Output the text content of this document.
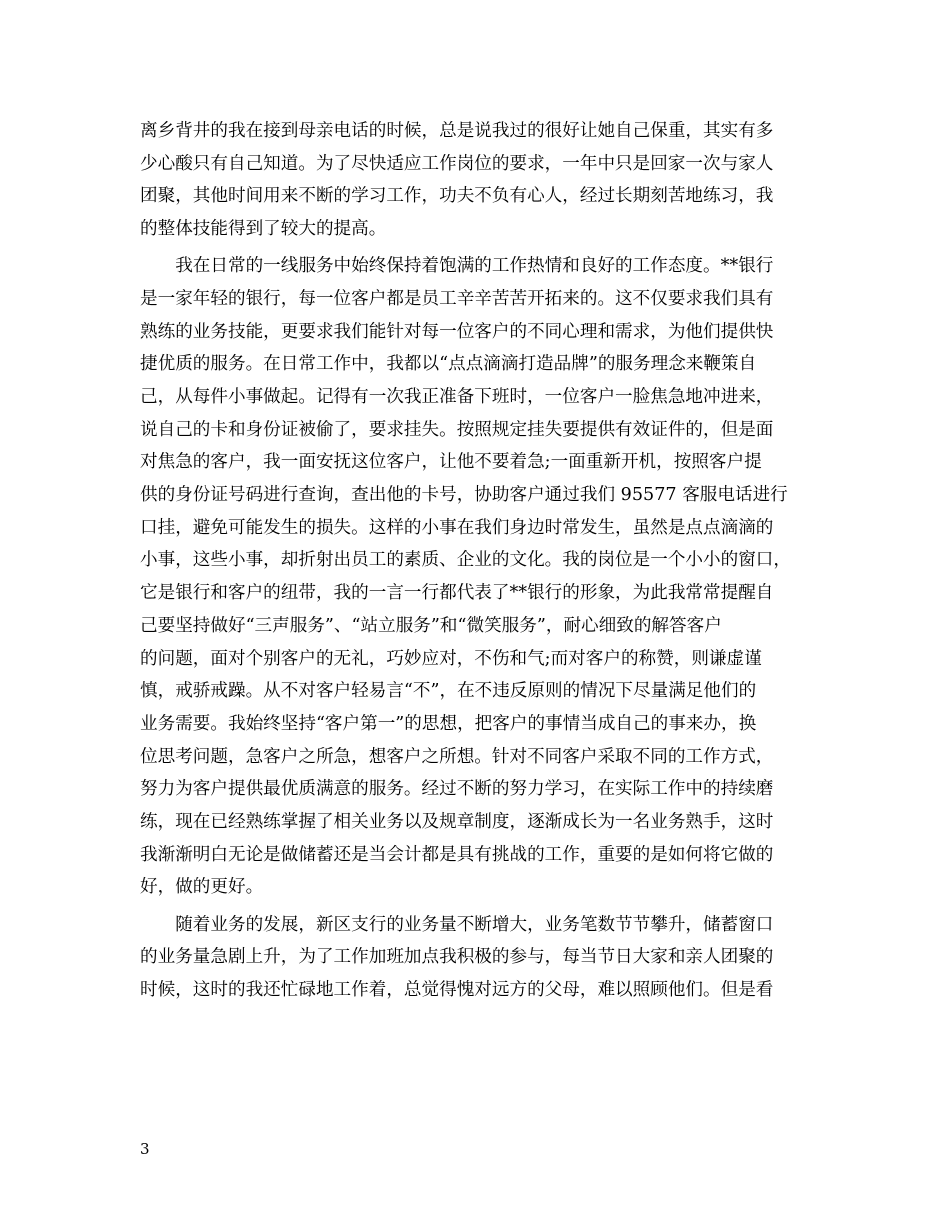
离乡背井的我在接到母亲电话的时候，总是说我过的很好让她自己保重，其实有多
少心酸只有自己知道。为了尽快适应工作岗位的要求，一年中只是回家一次与家人
团聚，其他时间用来不断的学习工作，功夫不负有心人，经过长期刻苦地练习，我
的整体技能得到了较大的提高。

　　我在日常的一线服务中始终保持着饱满的工作热情和良好的工作态度。**银行
是一家年轻的银行，每一位客户都是员工辛辛苦苦开拓来的。这不仅要求我们具有
熟练的业务技能，更要求我们能针对每一位客户的不同心理和需求，为他们提供快
捷优质的服务。在日常工作中，我都以“点点滴滴打造品牌”的服务理念来鞭策自
己，从每件小事做起。记得有一次我正准备下班时，一位客户一脸焦急地冲进来，
说自己的卡和身份证被偷了，要求挂失。按照规定挂失要提供有效证件的，但是面
对焦急的客户，我一面安抚这位客户，让他不要着急;一面重新开机，按照客户提
供的身份证号码进行查询，查出他的卡号，协助客户通过我们 95577 客服电话进行
口挂，避免可能发生的损失。这样的小事在我们身边时常发生，虽然是点点滴滴的
小事，这些小事，却折射出员工的素质、企业的文化。我的岗位是一个小小的窗口，
它是银行和客户的纽带，我的一言一行都代表了**银行的形象，为此我常常提醒自
己要坚持做好“三声服务”、“站立服务”和“微笑服务”，耐心细致的解答客户
的问题，面对个别客户的无礼，巧妙应对，不伤和气;而对客户的称赞，则谦虚谨
慎，戒骄戒躁。从不对客户轻易言“不”，在不违反原则的情况下尽量满足他们的
业务需要。我始终坚持“客户第一”的思想，把客户的事情当成自己的事来办，换
位思考问题，急客户之所急，想客户之所想。针对不同客户采取不同的工作方式，
努力为客户提供最优质满意的服务。经过不断的努力学习，在实际工作中的持续磨
练，现在已经熟练掌握了相关业务以及规章制度，逐渐成长为一名业务熟手，这时
我渐渐明白无论是做储蓄还是当会计都是具有挑战的工作，重要的是如何将它做的
好，做的更好。

　　随着业务的发展，新区支行的业务量不断增大，业务笔数节节攀升，储蓄窗口
的业务量急剧上升，为了工作加班加点我积极的参与，每当节日大家和亲人团聚的
时候，这时的我还忙碌地工作着，总觉得愧对远方的父母，难以照顾他们。但是看

3
